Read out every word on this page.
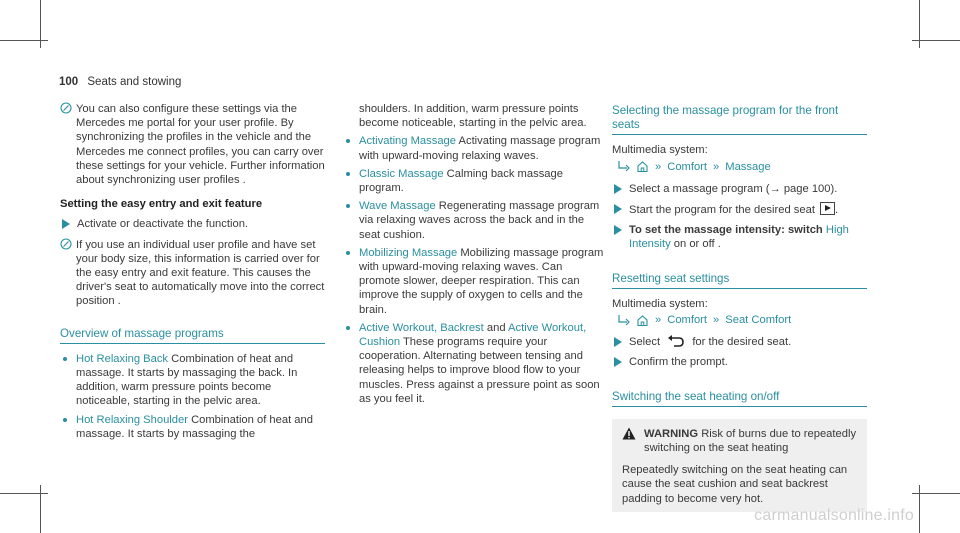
100 Seats and stowing

You can also configure these settings via the Mercedes me portal for your user profile. By synchronizing the profiles in the vehicle and the Mercedes me connect profiles, you can carry over these settings for your vehicle. Further information about synchronizing user profiles .

Setting the easy entry and exit feature
Activate or deactivate the function.

If you use an individual user profile and have set your body size, this information is carried over for the easy entry and exit feature. This causes the driver's seat to automatically move into the correct position .

Overview of massage programs
Hot Relaxing Back Combination of heat and massage. It starts by massaging the back. In addition, warm pressure points become noticeable, starting in the pelvic area.
Hot Relaxing Shoulder Combination of heat and massage. It starts by massaging the

shoulders. In addition, warm pressure points become noticeable, starting in the pelvic area.

Activating Massage Activating massage program with upward-moving relaxing waves.
Classic Massage Calming back massage program.
Wave Massage Regenerating massage program via relaxing waves across the back and in the seat cushion.
Mobilizing Massage Mobilizing massage program with upward-moving relaxing waves. Can promote slower, deeper respiration. This can improve the supply of oxygen to cells and the brain.
Active Workout, Backrest and Active Workout, Cushion These programs require your cooperation. Alternating between tensing and releasing helps to improve blood flow to your muscles. Press against a pressure point as soon as you feel it.
Selecting the massage program for the front seats

Multimedia system:

» Comfort » Massage
Select a massage program (→ page 100).
Start the program for the desired seat .
To set the massage intensity: switch High Intensity on or off .
Resetting seat settings

Multimedia system:

» Comfort » Seat Comfort
Select	for the desired seat.
Confirm the prompt.
Switching the seat heating on/off
WARNING Risk of burns due to repeatedly switching on the seat heating

Repeatedly switching on the seat heating can cause the seat cushion and seat backrest padding to become very hot.

carmanualsonline.info
